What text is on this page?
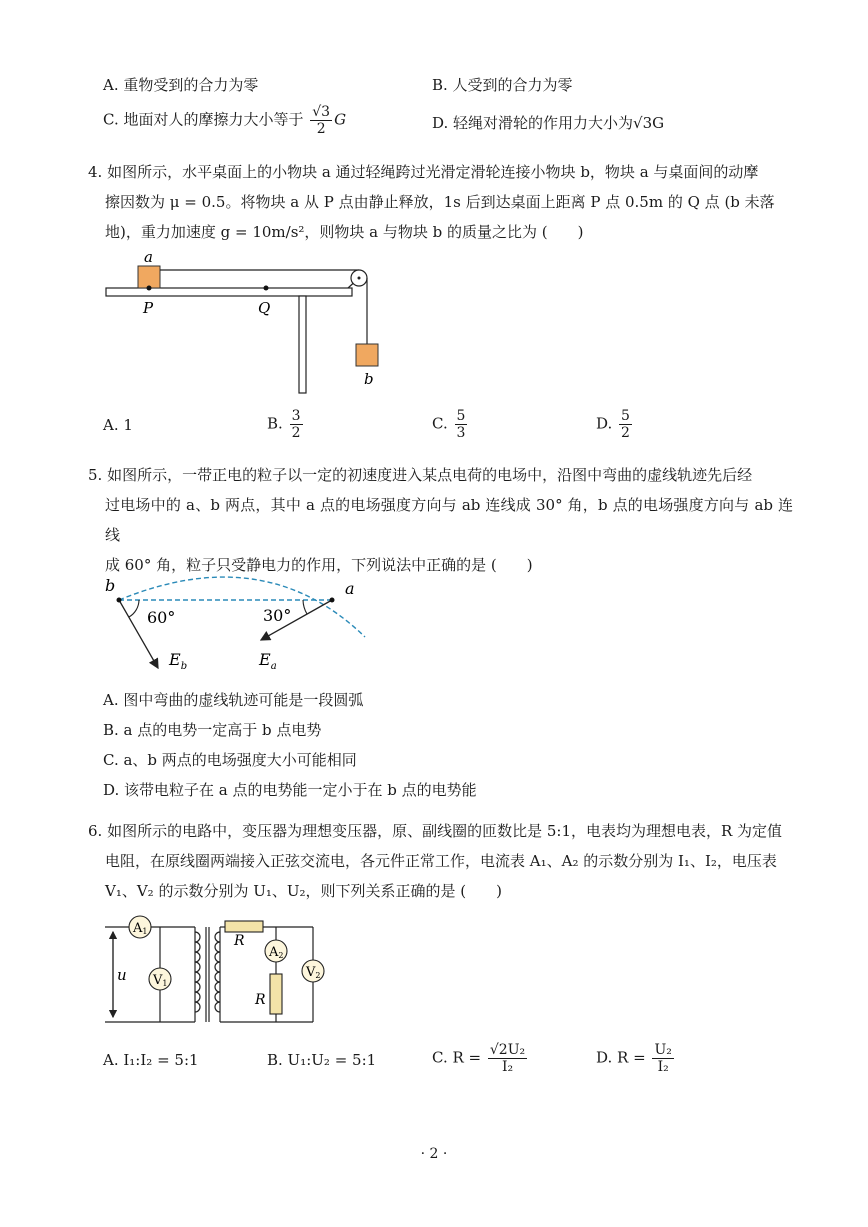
A. 重物受到的合力为零	B. 人受到的合力为零
C. 地面对人的摩擦力大小等于 $\frac{√3}{2}$ G	D. 轻绳对滑轮的作用力大小为√3G

4. 如图所示，水平桌面上的小物块 a 通过轻绳跨过光滑定滑轮连接小物块 b，物块 a 与桌面间的动摩

擦因数为 μ = 0.5。将物块 a 从 P 点由静止释放，1s 后到达桌面上距离 P 点 0.5m 的 Q 点 (b 未落

地)，重力加速度 g = 10m/s²，则物块 a 与物块 b 的质量之比为 (　　)

a
P	Q
b
A. 1	B. $\frac{3}{2}$	C. $\frac{5}{3}$	D. $\frac{5}{2}$

5. 如图所示，一带正电的粒子以一定的初速度进入某点电荷的电场中，沿图中弯曲的虚线轨迹先后经

过电场中的 a、b 两点，其中 a 点的电场强度方向与 ab 连线成 30° 角，b 点的电场强度方向与 ab 连线

成 60° 角，粒子只受静电力的作用，下列说法中正确的是 (　　)

b	a
60°	30°
$E_b$	$E_a$

A. 图中弯曲的虚线轨迹可能是一段圆弧

B. a 点的电势一定高于 b 点电势

C. a、b 两点的电场强度大小可能相同

D. 该带电粒子在 a 点的电势能一定小于在 b 点的电势能

6. 如图所示的电路中，变压器为理想变压器，原、副线圈的匝数比是 5:1，电表均为理想电表，R 为定值

电阻，在原线圈两端接入正弦交流电，各元件正常工作，电流表 A₁、A₂ 的示数分别为 I₁、I₂，电压表

V₁、V₂ 的示数分别为 U₁、U₂，则下列关系正确的是 (　　)

A1
V1
A2
V2
u
R
R
A. I₁:I₂ = 5:1	B. U₁:U₂ = 5:1	C. $R = \frac{\text{√2U₂}}{\text{I₂}}$	D. $R = \frac{\text{U₂}}{\text{I₂}}$
· 2 ·
